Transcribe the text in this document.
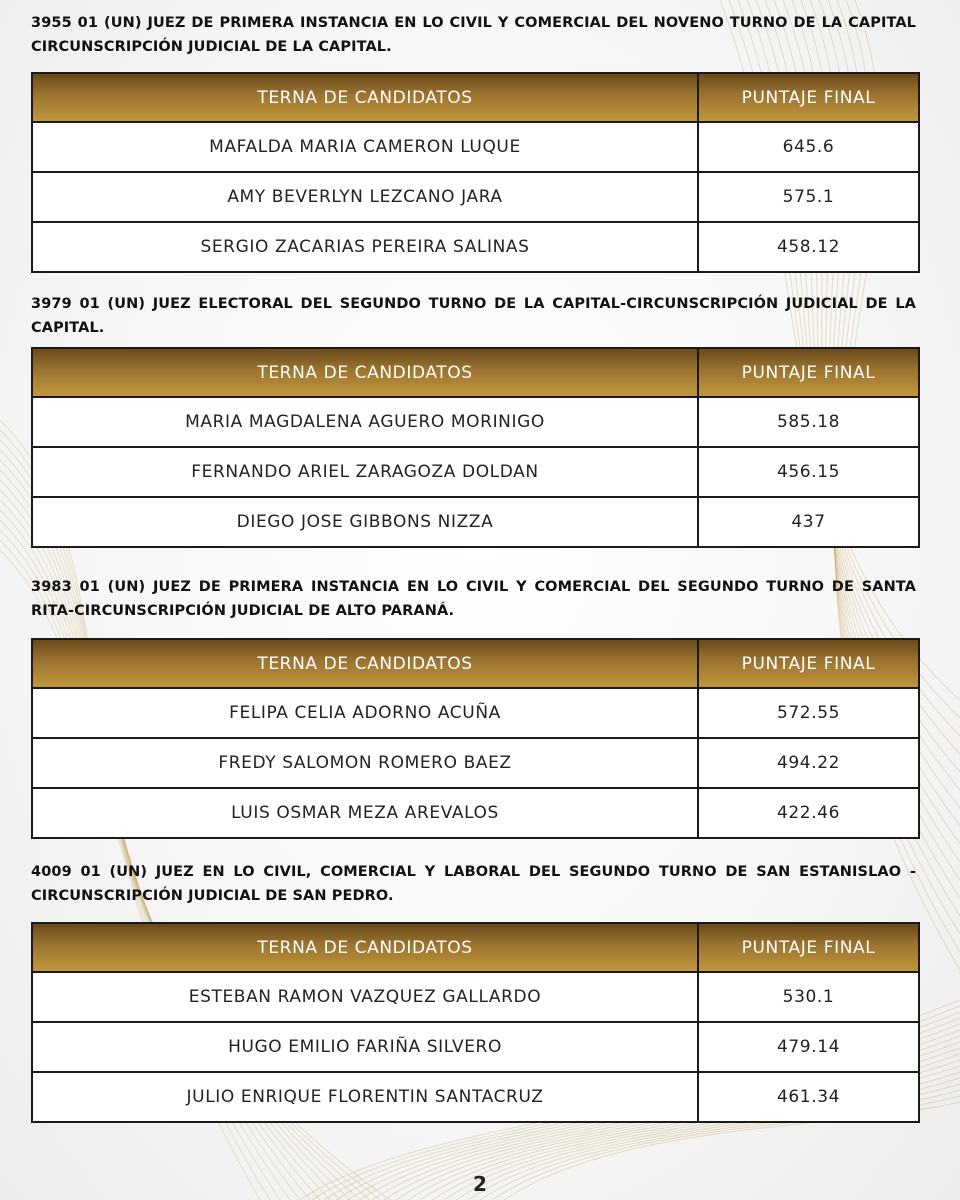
3955 01 (UN) JUEZ DE PRIMERA INSTANCIA EN LO CIVIL Y COMERCIAL DEL NOVENO TURNO DE LA CAPITAL CIRCUNSCRIPCIÓN JUDICIAL DE LA CAPITAL.
TERNA DE CANDIDATOS	PUNTAJE FINAL
MAFALDA MARIA CAMERON LUQUE	645.6
AMY BEVERLYN LEZCANO JARA	575.1
SERGIO ZACARIAS PEREIRA SALINAS	458.12
3979 01 (UN) JUEZ ELECTORAL DEL SEGUNDO TURNO DE LA CAPITAL-CIRCUNSCRIPCIÓN JUDICIAL DE LA CAPITAL.
TERNA DE CANDIDATOS	PUNTAJE FINAL
MARIA MAGDALENA AGUERO MORINIGO	585.18
FERNANDO ARIEL ZARAGOZA DOLDAN	456.15
DIEGO JOSE GIBBONS NIZZA	437
3983 01 (UN) JUEZ DE PRIMERA INSTANCIA EN LO CIVIL Y COMERCIAL DEL SEGUNDO TURNO DE SANTA RITA-CIRCUNSCRIPCIÓN JUDICIAL DE ALTO PARANÁ.
TERNA DE CANDIDATOS	PUNTAJE FINAL
FELIPA CELIA ADORNO ACUÑA	572.55
FREDY SALOMON ROMERO BAEZ	494.22
LUIS OSMAR MEZA AREVALOS	422.46
4009 01 (UN) JUEZ EN LO CIVIL, COMERCIAL Y LABORAL DEL SEGUNDO TURNO DE SAN ESTANISLAO - CIRCUNSCRIPCIÓN JUDICIAL DE SAN PEDRO.
TERNA DE CANDIDATOS	PUNTAJE FINAL
ESTEBAN RAMON VAZQUEZ GALLARDO	530.1
HUGO EMILIO FARIÑA SILVERO	479.14
JULIO ENRIQUE FLORENTIN SANTACRUZ	461.34
2
